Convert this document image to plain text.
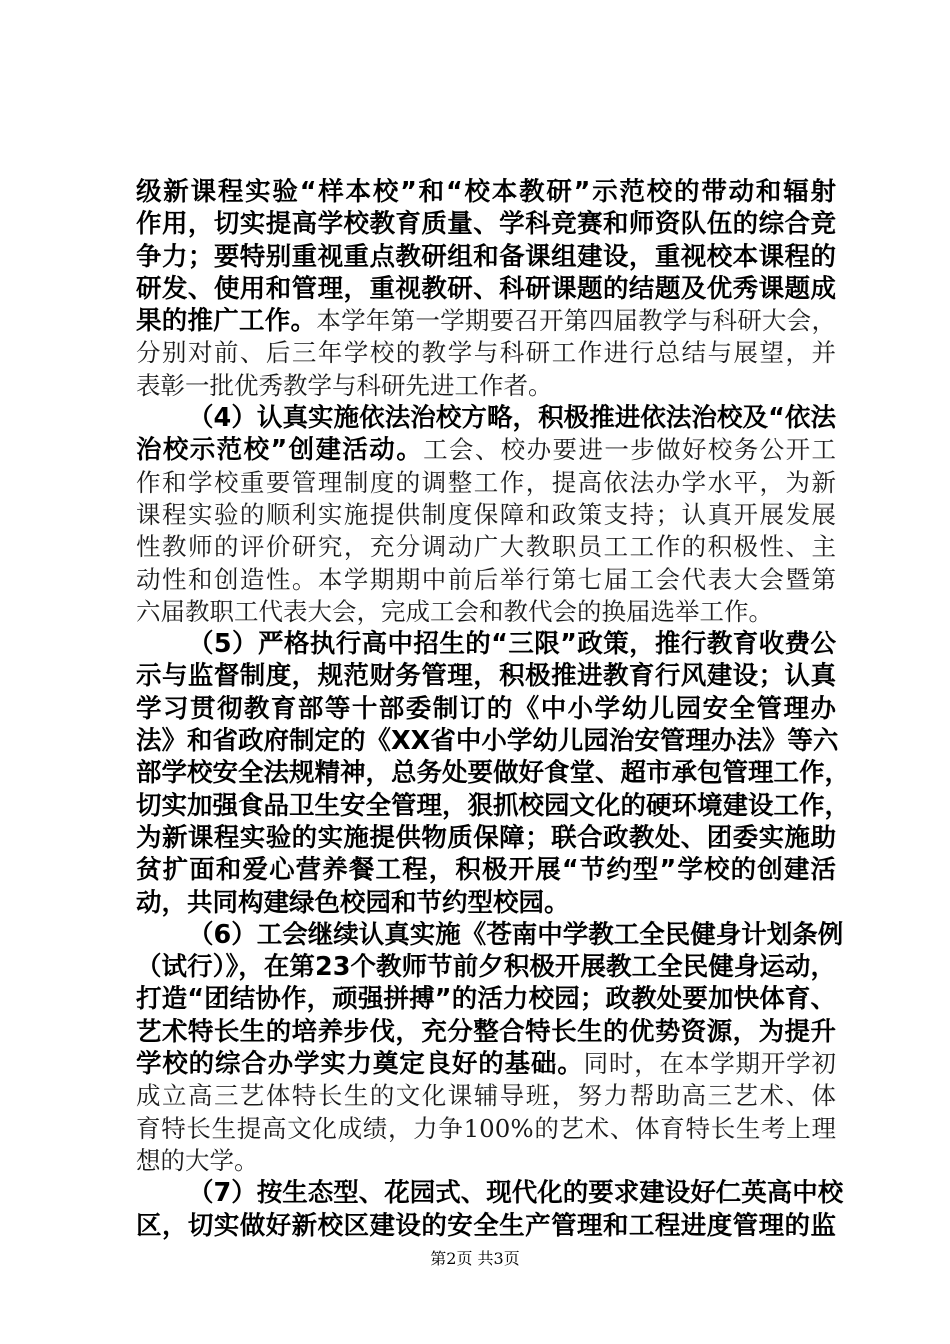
级新课程实验“样本校”和“校本教研”示范校的带动和辐射
作用，切实提高学校教育质量、学科竞赛和师资队伍的综合竞
争力；要特别重视重点教研组和备课组建设，重视校本课程的
研发、使用和管理，重视教研、科研课题的结题及优秀课题成
果的推广工作。本学年第一学期要召开第四届教学与科研大会，
分别对前、后三年学校的教学与科研工作进行总结与展望，并
表彰一批优秀教学与科研先进工作者。
（4）认真实施依法治校方略，积极推进依法治校及“依法
治校示范校”创建活动。工会、校办要进一步做好校务公开工
作和学校重要管理制度的调整工作，提高依法办学水平，为新
课程实验的顺利实施提供制度保障和政策支持；认真开展发展
性教师的评价研究，充分调动广大教职员工工作的积极性、主
动性和创造性。本学期期中前后举行第七届工会代表大会暨第
六届教职工代表大会，完成工会和教代会的换届选举工作。
（5）严格执行高中招生的“三限”政策，推行教育收费公
示与监督制度，规范财务管理，积极推进教育行风建设；认真
学习贯彻教育部等十部委制订的《中小学幼儿园安全管理办
法》和省政府制定的《XX省中小学幼儿园治安管理办法》等六
部学校安全法规精神，总务处要做好食堂、超市承包管理工作，
切实加强食品卫生安全管理，狠抓校园文化的硬环境建设工作，
为新课程实验的实施提供物质保障；联合政教处、团委实施助
贫扩面和爱心营养餐工程，积极开展“节约型”学校的创建活
动，共同构建绿色校园和节约型校园。
（6）工会继续认真实施《苍南中学教工全民健身计划条例
（试行）》，在第23个教师节前夕积极开展教工全民健身运动，
打造“团结协作，顽强拼搏”的活力校园；政教处要加快体育、
艺术特长生的培养步伐，充分整合特长生的优势资源，为提升
学校的综合办学实力奠定良好的基础。同时，在本学期开学初
成立高三艺体特长生的文化课辅导班，努力帮助高三艺术、体
育特长生提高文化成绩，力争100%的艺术、体育特长生考上理
想的大学。
（7）按生态型、花园式、现代化的要求建设好仁英高中校
区，切实做好新校区建设的安全生产管理和工程进度管理的监
第2页 共3页
